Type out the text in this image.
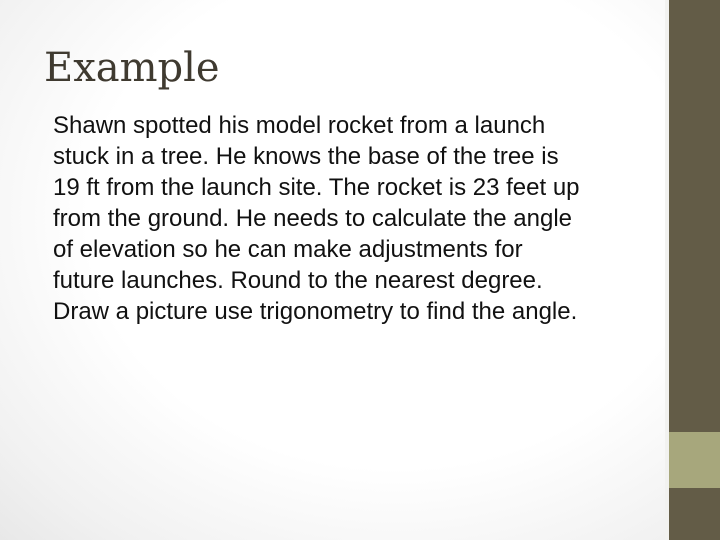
Example

Shawn spotted his model rocket from a launch
stuck in a tree. He knows the base of the tree is
19 ft from the launch site. The rocket is 23 feet up
from the ground. He needs to calculate the angle
of elevation so he can make adjustments for
future launches. Round to the nearest degree.
Draw a picture use trigonometry to find the angle.
